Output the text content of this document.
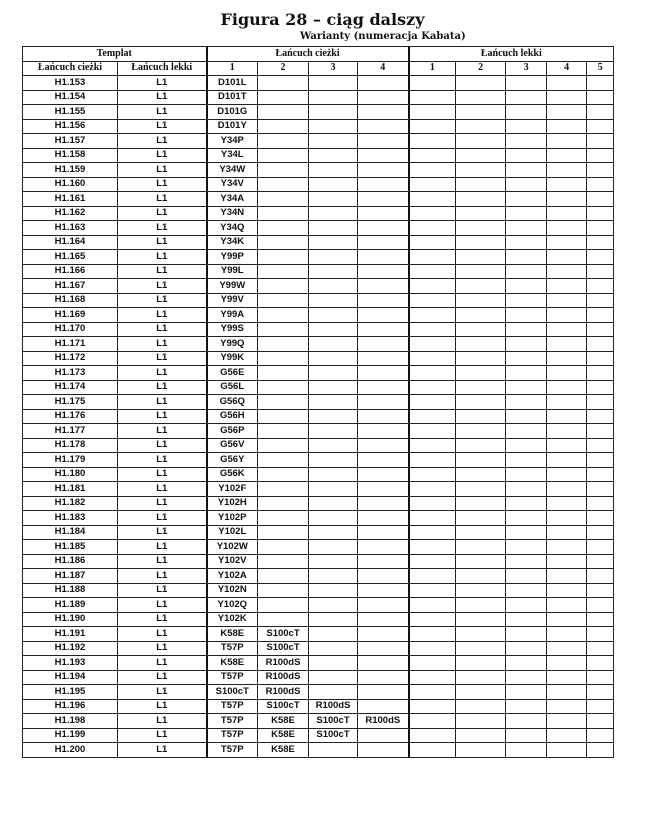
Figura 28 – ciąg dalszy
Warianty (numeracja Kabata)
Templat		Łańcuch cieżki				Łańcuch lekki				
Łańcuch cieżki	Łańcuch lekki	1	2	3	4	1	2	3	4	5
H1.153	L1	D101L								
H1.154	L1	D101T								
H1.155	L1	D101G								
H1.156	L1	D101Y								
H1.157	L1	Y34P								
H1.158	L1	Y34L								
H1.159	L1	Y34W								
H1.160	L1	Y34V								
H1.161	L1	Y34A								
H1.162	L1	Y34N								
H1.163	L1	Y34Q								
H1.164	L1	Y34K								
H1.165	L1	Y99P								
H1.166	L1	Y99L								
H1.167	L1	Y99W								
H1.168	L1	Y99V								
H1.169	L1	Y99A								
H1.170	L1	Y99S								
H1.171	L1	Y99Q								
H1.172	L1	Y99K								
H1.173	L1	G56E								
H1.174	L1	G56L								
H1.175	L1	G56Q								
H1.176	L1	G56H								
H1.177	L1	G56P								
H1.178	L1	G56V								
H1.179	L1	G56Y								
H1.180	L1	G56K								
H1.181	L1	Y102F								
H1.182	L1	Y102H								
H1.183	L1	Y102P								
H1.184	L1	Y102L								
H1.185	L1	Y102W								
H1.186	L1	Y102V								
H1.187	L1	Y102A								
H1.188	L1	Y102N								
H1.189	L1	Y102Q								
H1.190	L1	Y102K								
H1.191	L1	K58E	S100cT							
H1.192	L1	T57P	S100cT							
H1.193	L1	K58E	R100dS							
H1.194	L1	T57P	R100dS							
H1.195	L1	S100cT	R100dS							
H1.196	L1	T57P	S100cT	R100dS						
H1.198	L1	T57P	K58E	S100cT	R100dS					
H1.199	L1	T57P	K58E	S100cT						
H1.200	L1	T57P	K58E							
